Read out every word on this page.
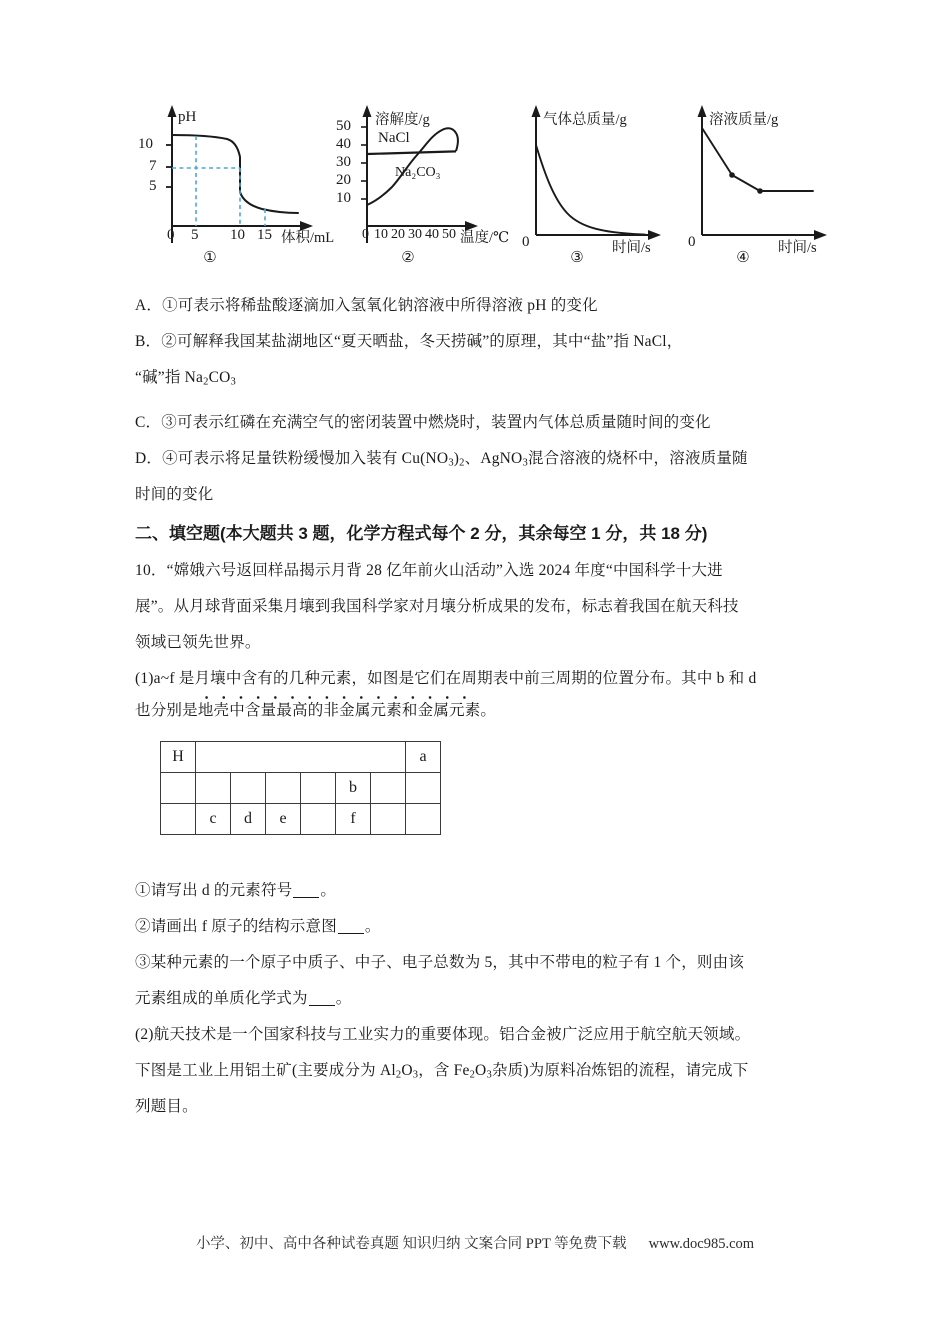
pH
10
7
5
0 5 10 15 体积/mL
①
溶解度/g
50
40
30
20
10
NaCl
Na₂CO₃
0 10 20 30 40 50 温度/℃
②
气体总质量/g
0	时间/s
③
溶液质量/g
0	时间/s
④
A．①可表示将稀盐酸逐滴加入氢氧化钠溶液中所得溶液 pH 的变化
B．②可解释我国某盐湖地区“夏天晒盐，冬天捞碱”的原理，其中“盐”指 NaCl，
“碱”指 $Na_2CO_3$
C．③可表示红磷在充满空气的密闭装置中燃烧时，装置内气体总质量随时间的变化
D．④可表示将足量铁粉缓慢加入装有 $Cu(NO_3)_2$、AgNO$_3$混合溶液的烧杯中，溶液质量随
时间的变化
二、填空题(本大题共 3 题，化学方程式每个 2 分，其余每空 1 分，共 18 分)
10．“嫦娥六号返回样品揭示月背 28 亿年前火山活动”入选 2024 年度“中国科学十大进
展”。从月球背面采集月壤到我国科学家对月壤分析成果的发布，标志着我国在航天科技
领域已领先世界。
(1)a~f 是月壤中含有的几种元素，如图是它们在周期表中前三周期的位置分布。其中 b 和 d
也分别是地壳中含量最高的非金属元素和金属元素。
H							a
					b		
	c	d	e		f		
①请写出 d 的元素符号 。
②请画出 f 原子的结构示意图 。
③某种元素的一个原子中质子、中子、电子总数为 5，其中不带电的粒子有 1 个，则由该
元素组成的单质化学式为 。
(2)航天技术是一个国家科技与工业实力的重要体现。铝合金被广泛应用于航空航天领域。
下图是工业上用铝土矿(主要成分为 $Al_2O_3$，含 $Fe_2O_3$杂质)为原料冶炼铝的流程，请完成下
列题目。
小学、初中、高中各种试卷真题 知识归纳 文案合同 PPT 等免费下载 www.doc985.com
